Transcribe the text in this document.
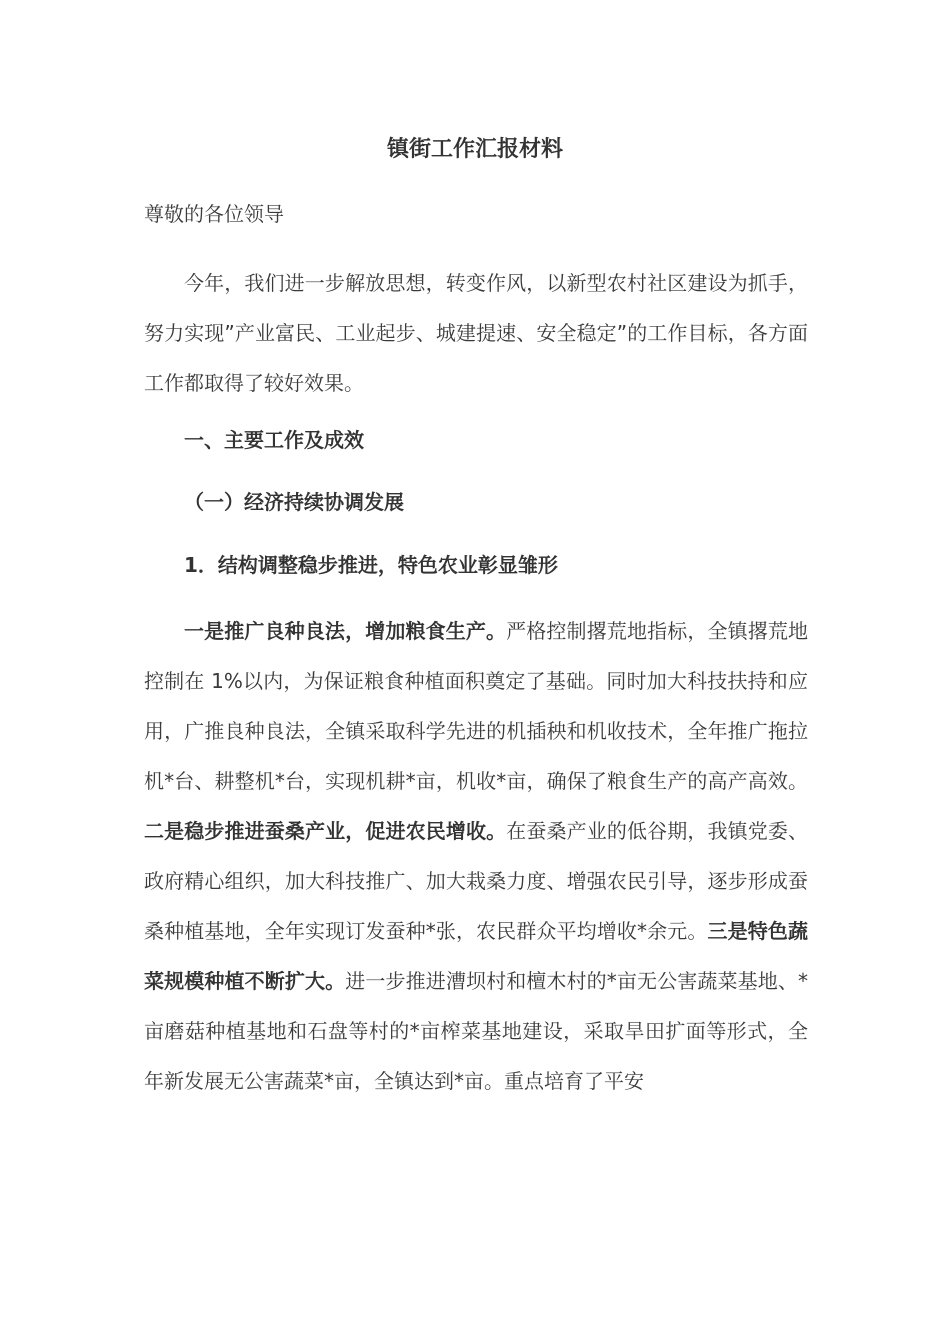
镇街工作汇报材料
尊敬的各位领导

今年，我们进一步解放思想，转变作风，以新型农村社区建设为抓手，努力实现”产业富民、工业起步、城建提速、安全稳定”的工作目标，各方面工作都取得了较好效果。

一、主要工作及成效
（一）经济持续协调发展
1．结构调整稳步推进，特色农业彰显雏形

一是推广良种良法，增加粮食生产。严格控制撂荒地指标，全镇撂荒地控制在 1%以内，为保证粮食种植面积奠定了基础。同时加大科技扶持和应用，广推良种良法，全镇采取科学先进的机插秧和机收技术，全年推广拖拉机*台、耕整机*台，实现机耕*亩，机收*亩，确保了粮食生产的高产高效。二是稳步推进蚕桑产业，促进农民增收。在蚕桑产业的低谷期，我镇党委、政府精心组织，加大科技推广、加大栽桑力度、增强农民引导，逐步形成蚕桑种植基地，全年实现订发蚕种*张，农民群众平均增收*余元。三是特色蔬菜规模种植不断扩大。进一步推进漕坝村和檀木村的*亩无公害蔬菜基地、*亩磨菇种植基地和石盘等村的*亩榨菜基地建设，采取旱田扩面等形式，全年新发展无公害蔬菜*亩，全镇达到*亩。重点培育了平安
